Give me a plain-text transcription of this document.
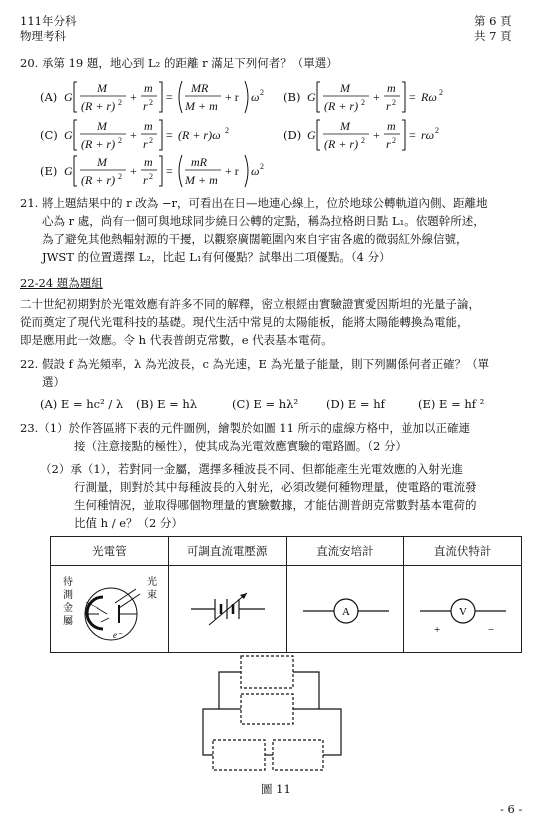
111年分科
物理考科
第 6 頁
共 7 頁
20. 承第 19 題，地心到 L₂ 的距離 r 滿足下列何者？（單選）
(A) G
M
(R + r) 2 +
m
r 2 =
MR
M + m
+ r ω 2 (B) G
M
(R + r) 2 +
m
r 2 = Rω 2
(C) G
M
(R + r) 2 +
m
r 2 = (R + r)ω 2	(D) G
M
(R + r) 2 +
m
r 2 = rω 2
(E) G
M
(R + r) 2 +
m
r 2 =
mR
M + m
+ r ω 2
21. 將上題結果中的 r 改為 −r，可看出在日—地連心線上，位於地球公轉軌道內側、距離地
心為 r 處，尚有一個可與地球同步繞日公轉的定點，稱為拉格朗日點 L₁。依題幹所述，
為了避免其他熱輻射源的干擾，以觀察廣闊範圍內來自宇宙各處的微弱紅外線信號，
JWST 的位置選擇 L₂，比起 L₁有何優點？試舉出二項優點。（4 分）
22-24 題為題組
二十世紀初期對於光電效應有許多不同的解釋，密立根經由實驗證實愛因斯坦的光量子論，
從而奠定了現代光電科技的基礎。現代生活中常見的太陽能板，能將太陽能轉換為電能，
即是應用此一效應。令 h 代表普朗克常數，e 代表基本電荷。
22. 假設 f 為光頻率，λ 為光波長，c 為光速，E 為光量子能量，則下列關係何者正確？（單
選）
(A) E = hc² / λ (B) E = hλ	(C) E = hλ² (D) E = hf	(E) E = hf ²
23.（1）於作答區將下表的元件圖例，繪製於如圖 11 所示的虛線方格中，並加以正確連
接（注意接點的極性），使其成為光電效應實驗的電路圖。（2 分）
（2）承（1），若對同一金屬，選擇多種波長不同、但都能產生光電效應的入射光進
行測量，則對於其中每種波長的入射光，必須改變何種物理量，使電路的電流發
生何種情況，並取得哪個物理量的實驗數據，才能估測普朗克常數對基本電荷的
比值 h / e？（2 分）
光電管	可調直流電壓源	直流安培計	直流伏特計

e⁻
待測金屬
光束		A	V
+ −
圖 11
- 6 -
